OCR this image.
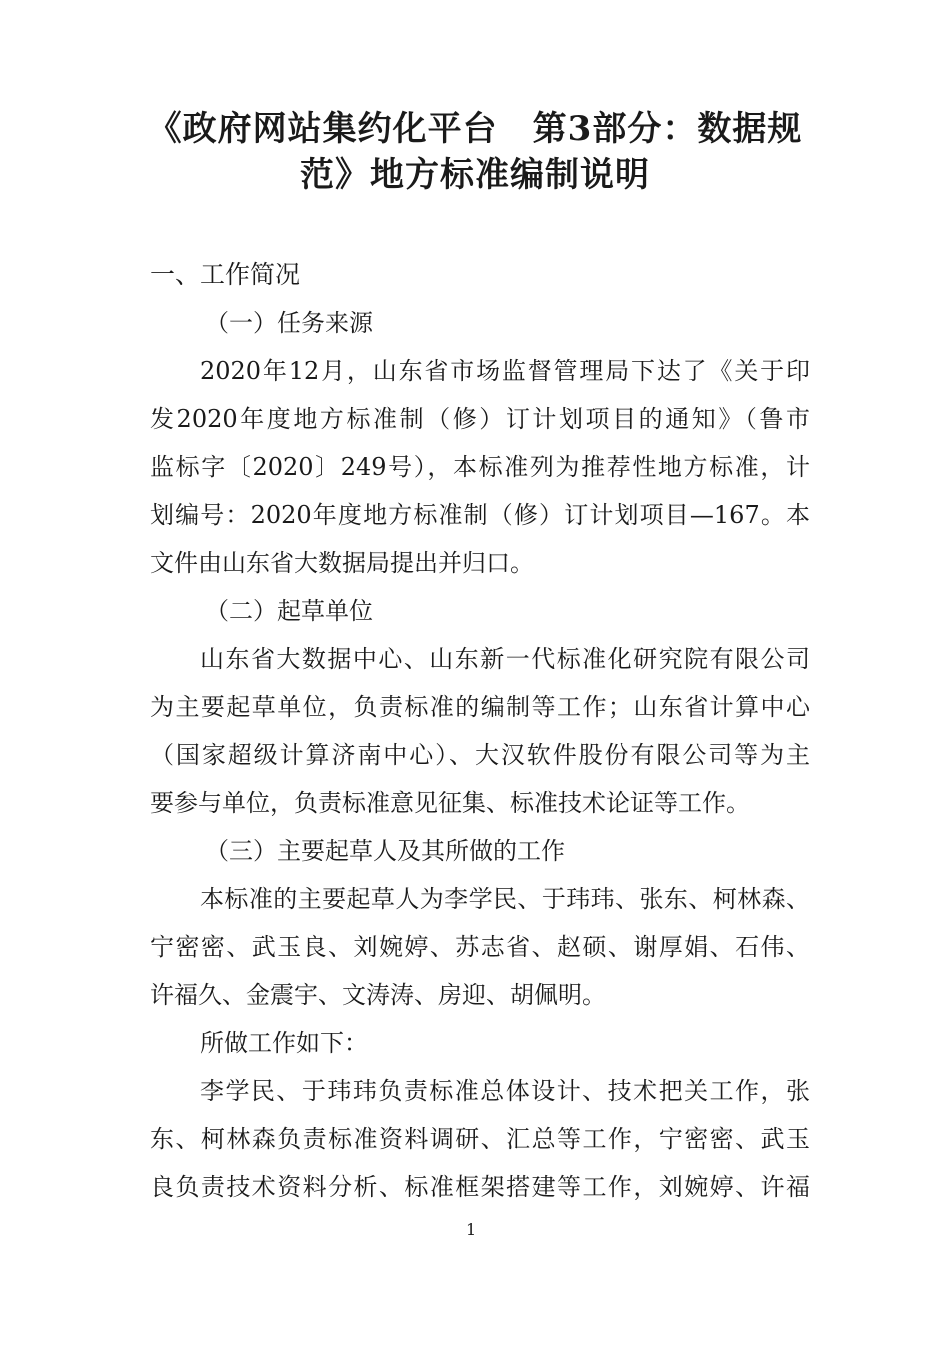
《政府网站集约化平台　第3部分：数据规
范》地方标准编制说明
一、工作简况
（一）任务来源
2020年12月，山东省市场监督管理局下达了《关于印
发2020年度地方标准制（修）订计划项目的通知》（鲁市
监标字〔2020〕249号），本标准列为推荐性地方标准，计
划编号：2020年度地方标准制（修）订计划项目—167。本
文件由山东省大数据局提出并归口。
（二）起草单位
山东省大数据中心、山东新一代标准化研究院有限公司
为主要起草单位，负责标准的编制等工作；山东省计算中心
（国家超级计算济南中心）、大汉软件股份有限公司等为主
要参与单位，负责标准意见征集、标准技术论证等工作。
（三）主要起草人及其所做的工作
本标准的主要起草人为李学民、于玮玮、张东、柯林森、
宁密密、武玉良、刘婉婷、苏志省、赵硕、谢厚娟、石伟、
许福久、金震宇、文涛涛、房迎、胡佩明。
所做工作如下：
李学民、于玮玮负责标准总体设计、技术把关工作，张
东、柯林森负责标准资料调研、汇总等工作，宁密密、武玉
良负责技术资料分析、标准框架搭建等工作，刘婉婷、许福
1
